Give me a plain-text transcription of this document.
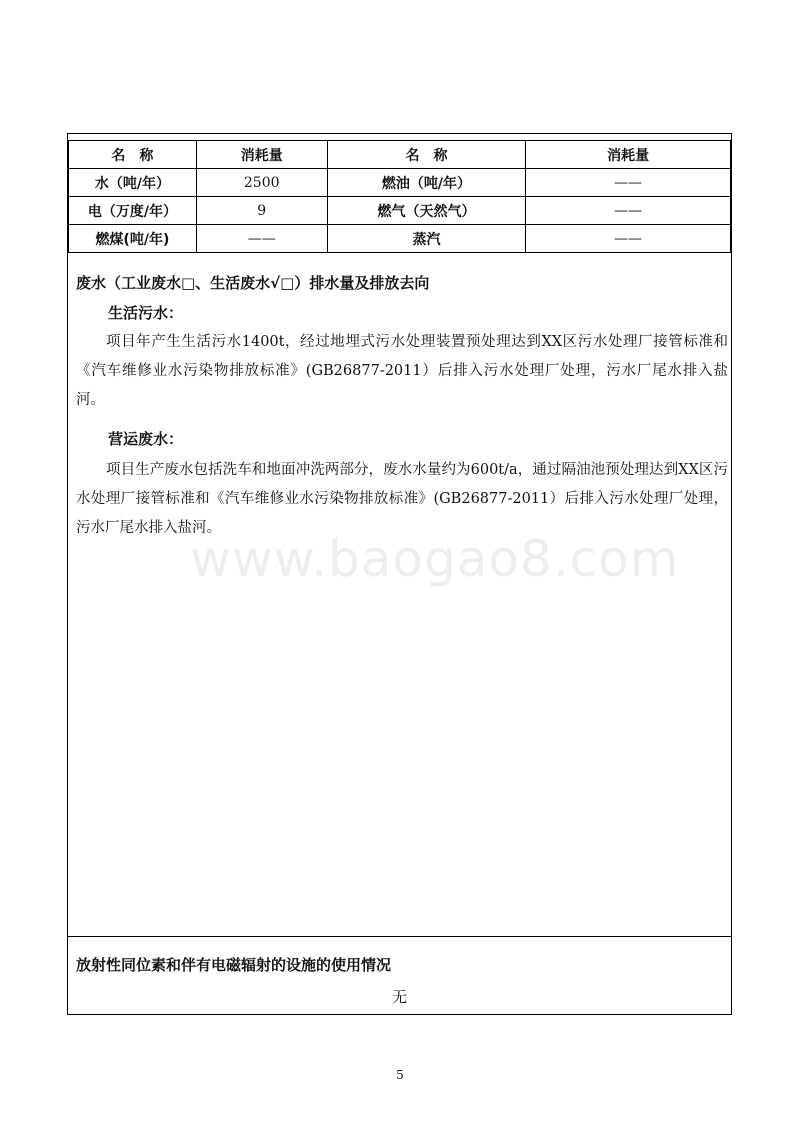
名　称	消耗量	名　称	消耗量
水（吨/年）	2500	燃油（吨/年）	——
电（万度/年）	9	燃气（天然气）	——
燃煤(吨/年)	——	蒸汽	——
废水（工业废水□、生活废水√□）排水量及排放去向
生活污水：
项目年产生生活污水1400t，经过地埋式污水处理装置预处理达到XX区污水处理厂接管标准和《汽车维修业水污染物排放标准》(GB26877-2011）后排入污水处理厂处理，污水厂尾水排入盐河。
营运废水：
项目生产废水包括洗车和地面冲洗两部分，废水水量约为600t/a，通过隔油池预处理达到XX区污水处理厂接管标准和《汽车维修业水污染物排放标准》(GB26877-2011）后排入污水处理厂处理，污水厂尾水排入盐河。
放射性同位素和伴有电磁辐射的设施的使用情况
无
www.baogao8.com
5
